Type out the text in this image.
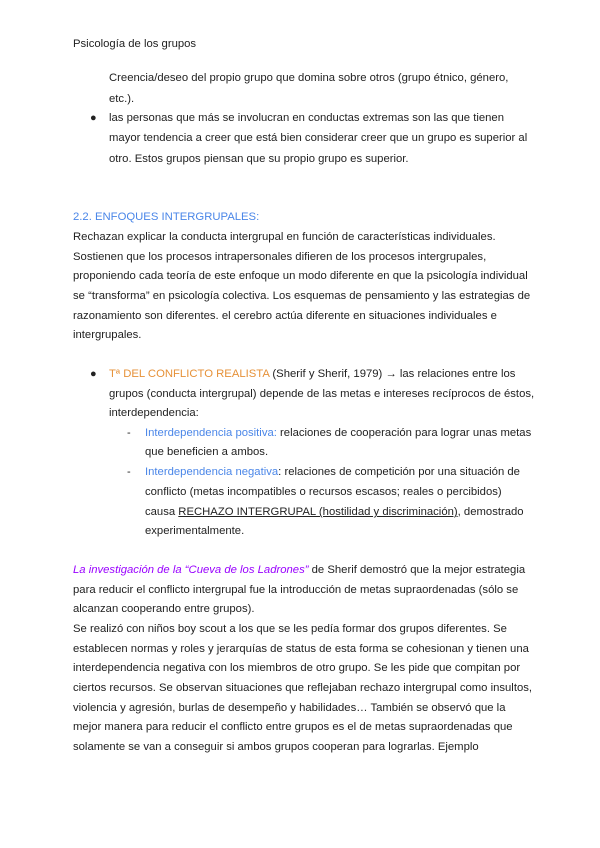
Psicología de los grupos
Creencia/deseo del propio grupo que domina sobre otros (grupo étnico, género,
etc.).
● las personas que más se involucran en conductas extremas son las que tienen
mayor tendencia a creer que está bien considerar creer que un grupo es superior al
otro. Estos grupos piensan que su propio grupo es superior.
2.2. ENFOQUES INTERGRUPALES:
Rechazan explicar la conducta intergrupal en función de características individuales.
Sostienen que los procesos intrapersonales difieren de los procesos intergrupales,
proponiendo cada teoría de este enfoque un modo diferente en que la psicología individual
se “transforma” en psicología colectiva. Los esquemas de pensamiento y las estrategias de
razonamiento son diferentes. el cerebro actúa diferente en situaciones individuales e
intergrupales.
● Tª DEL CONFLICTO REALISTA (Sherif y Sherif, 1979) → las relaciones entre los
grupos (conducta intergrupal) depende de las metas e intereses recíprocos de éstos,
interdependencia:
- Interdependencia positiva: relaciones de cooperación para lograr unas metas
que beneficien a ambos.
- Interdependencia negativa: relaciones de competición por una situación de
conflicto (metas incompatibles o recursos escasos; reales o percibidos)
causa RECHAZO INTERGRUPAL (hostilidad y discriminación), demostrado
experimentalmente.
La investigación de la “Cueva de los Ladrones” de Sherif demostró que la mejor estrategia
para reducir el conflicto intergrupal fue la introducción de metas supraordenadas (sólo se
alcanzan cooperando entre grupos).
Se realizó con niños boy scout a los que se les pedía formar dos grupos diferentes. Se
establecen normas y roles y jerarquías de status de esta forma se cohesionan y tienen una
interdependencia negativa con los miembros de otro grupo. Se les pide que compitan por
ciertos recursos. Se observan situaciones que reflejaban rechazo intergrupal como insultos,
violencia y agresión, burlas de desempeño y habilidades… También se observó que la
mejor manera para reducir el conflicto entre grupos es el de metas supraordenadas que
solamente se van a conseguir si ambos grupos cooperan para lograrlas. Ejemplo
